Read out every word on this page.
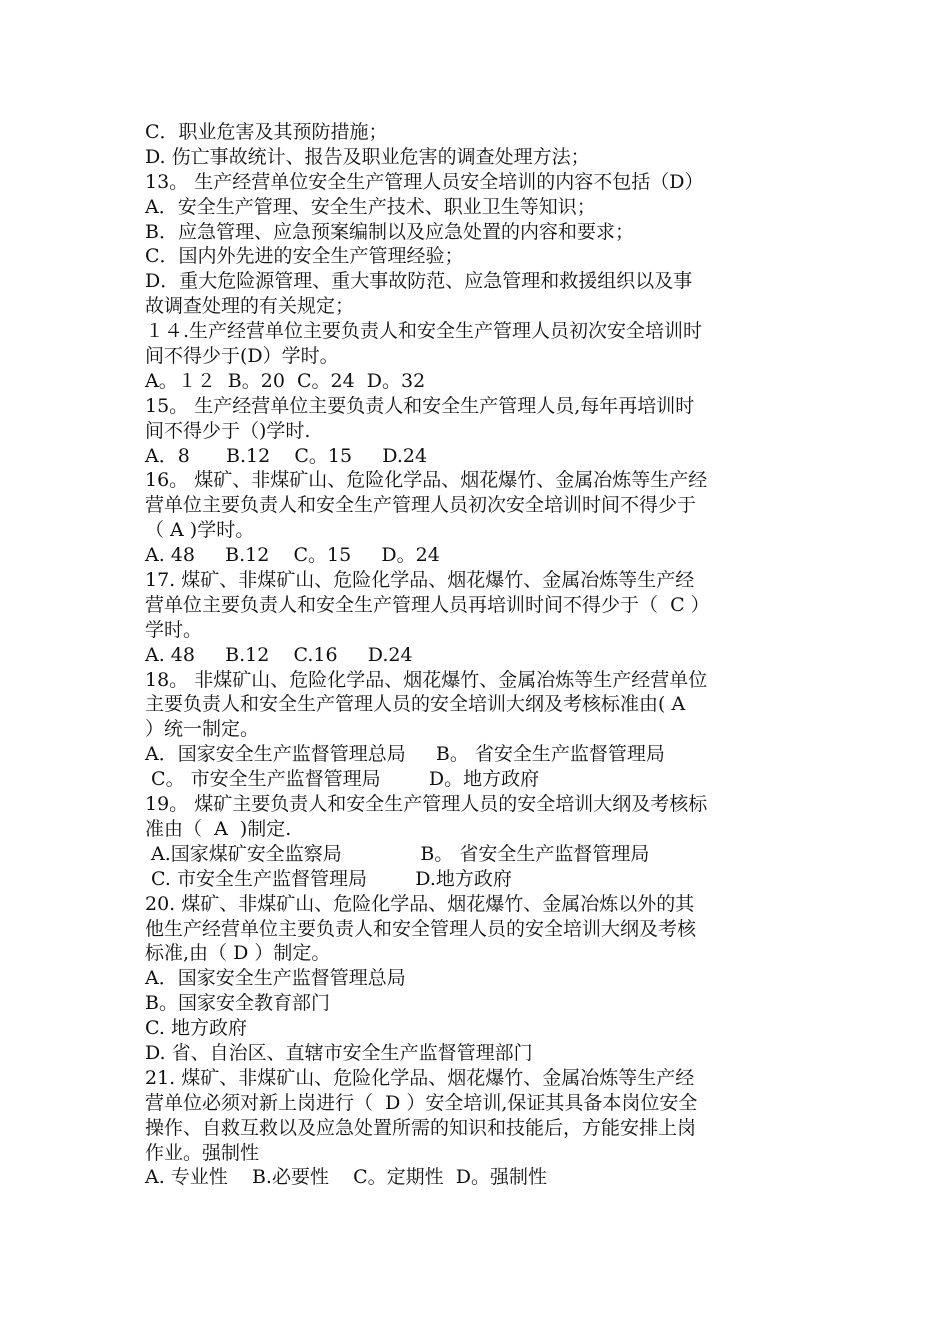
C．职业危害及其预防措施；
D. 伤亡事故统计、报告及职业危害的调查处理方法；
13。 生产经营单位安全生产管理人员安全培训的内容不包括（D）
A．安全生产管理、安全生产技术、职业卫生等知识；
B．应急管理、应急预案编制以及应急处置的内容和要求；
C．国内外先进的安全生产管理经验；
D．重大危险源管理、重大事故防范、应急管理和救援组织以及事
故调查处理的有关规定；
１４.生产经营单位主要负责人和安全生产管理人员初次安全培训时
间不得少于(D）学时。
A。１２  B。20  C。24  D。32
15。 生产经营单位主要负责人和安全生产管理人员,每年再培训时
间不得少于（)学时.
A．8      B.12    C。15     D.24
16。 煤矿、非煤矿山、危险化学品、烟花爆竹、金属冶炼等生产经
营单位主要负责人和安全生产管理人员初次安全培训时间不得少于
（ A )学时。
A. 48     B.12    C。15     D。24
17. 煤矿、非煤矿山、危险化学品、烟花爆竹、金属冶炼等生产经
营单位主要负责人和安全生产管理人员再培训时间不得少于（  C ）
学时。
A. 48     B.12    C.16     D.24
18。 非煤矿山、危险化学品、烟花爆竹、金属冶炼等生产经营单位
主要负责人和安全生产管理人员的安全培训大纲及考核标准由( A
）统一制定。
A．国家安全生产监督管理总局     B。 省安全生产监督管理局
C。 市安全生产监督管理局        D。地方政府
19。 煤矿主要负责人和安全生产管理人员的安全培训大纲及考核标
准由（  A  )制定.
A.国家煤矿安全监察局             B。 省安全生产监督管理局
C. 市安全生产监督管理局        D.地方政府
20. 煤矿、非煤矿山、危险化学品、烟花爆竹、金属冶炼以外的其
他生产经营单位主要负责人和安全管理人员的安全培训大纲及考核
标准,由（ D ）制定。
A．国家安全生产监督管理总局
B。国家安全教育部门
C. 地方政府
D. 省、自治区、直辖市安全生产监督管理部门
21. 煤矿、非煤矿山、危险化学品、烟花爆竹、金属冶炼等生产经
营单位必须对新上岗进行（  D ）安全培训,保证其具备本岗位安全
操作、自救互救以及应急处置所需的知识和技能后，方能安排上岗
作业。强制性
A. 专业性    B.必要性    C。定期性  D。强制性
